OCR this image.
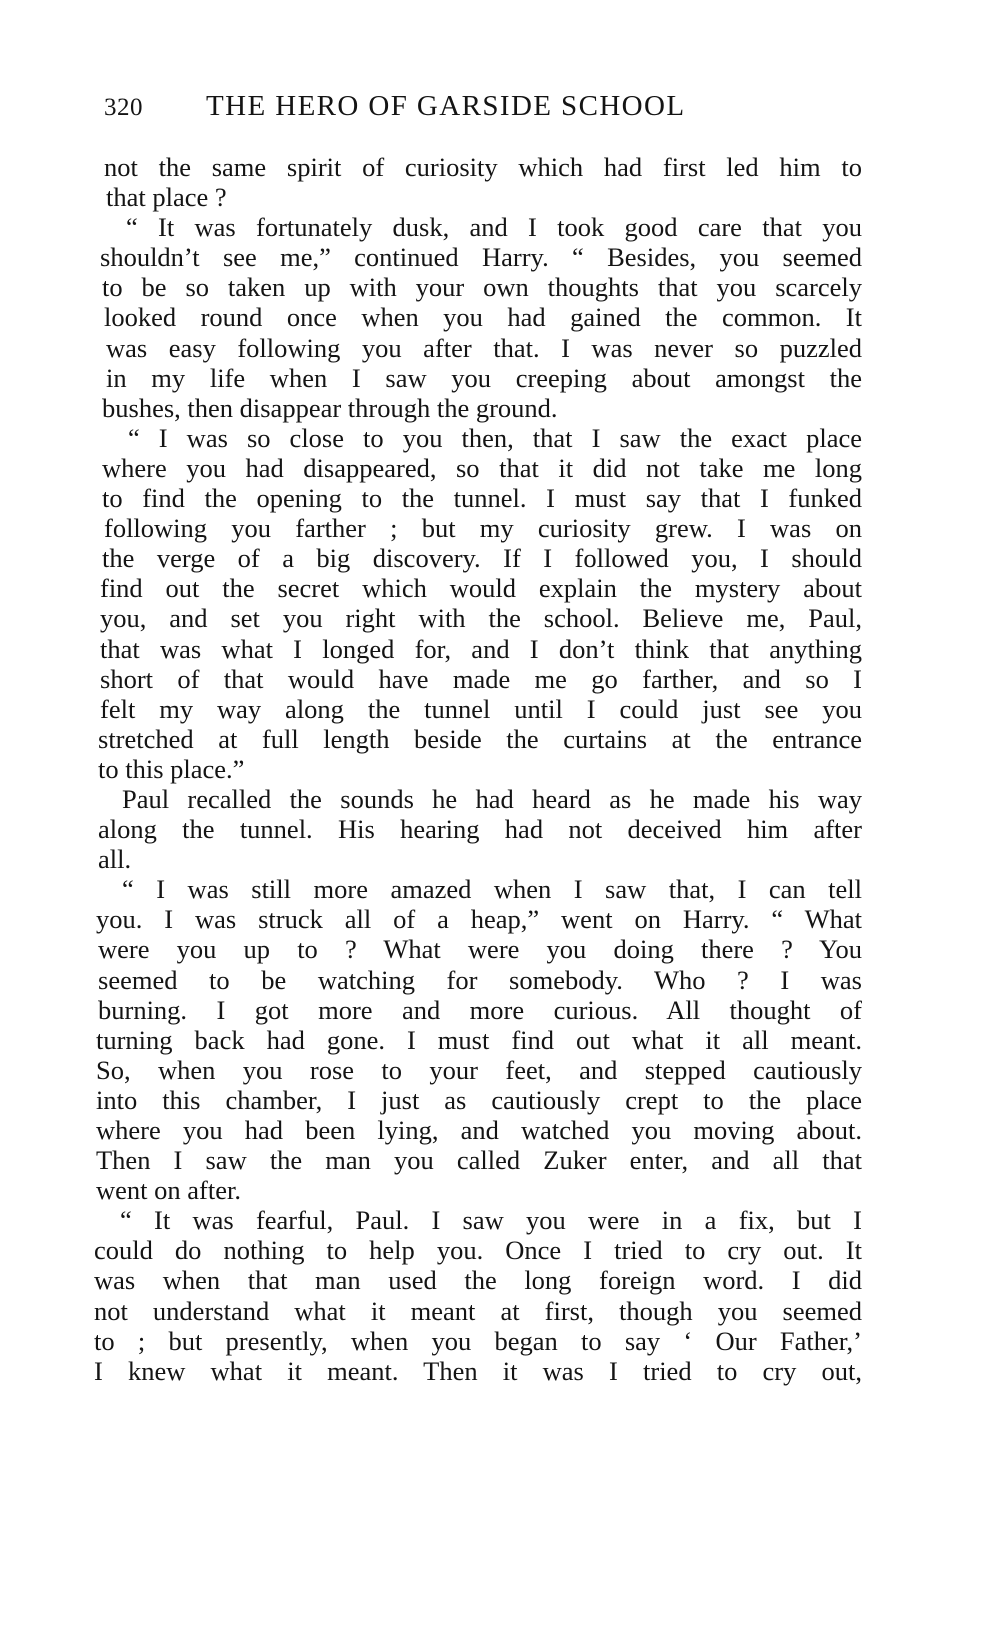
320 THE HERO OF GARSIDE SCHOOL
not the same spirit of curiosity which had first led him to
that place ?
“ It was fortunately dusk, and I took good care that you
shouldn’t see me,” continued Harry. “ Besides, you seemed
to be so taken up with your own thoughts that you scarcely
looked round once when you had gained the common. It
was easy following you after that. I was never so puzzled
in my life when I saw you creeping about amongst the
bushes, then disappear through the ground.
“ I was so close to you then, that I saw the exact place
where you had disappeared, so that it did not take me long
to find the opening to the tunnel. I must say that I funked
following you farther ; but my curiosity grew. I was on
the verge of a big discovery. If I followed you, I should
find out the secret which would explain the mystery about
you, and set you right with the school. Believe me, Paul,
that was what I longed for, and I don’t think that anything
short of that would have made me go farther, and so I
felt my way along the tunnel until I could just see you
stretched at full length beside the curtains at the entrance
to this place.”
Paul recalled the sounds he had heard as he made his way
along the tunnel. His hearing had not deceived him after
all.
“ I was still more amazed when I saw that, I can tell
you. I was struck all of a heap,” went on Harry. “ What
were you up to ? What were you doing there ? You
seemed to be watching for somebody. Who ? I was
burning. I got more and more curious. All thought of
turning back had gone. I must find out what it all meant.
So, when you rose to your feet, and stepped cautiously
into this chamber, I just as cautiously crept to the place
where you had been lying, and watched you moving about.
Then I saw the man you called Zuker enter, and all that
went on after.
“ It was fearful, Paul. I saw you were in a fix, but I
could do nothing to help you. Once I tried to cry out. It
was when that man used the long foreign word. I did
not understand what it meant at first, though you seemed
to ; but presently, when you began to say ‘ Our Father,’
I knew what it meant. Then it was I tried to cry out,
